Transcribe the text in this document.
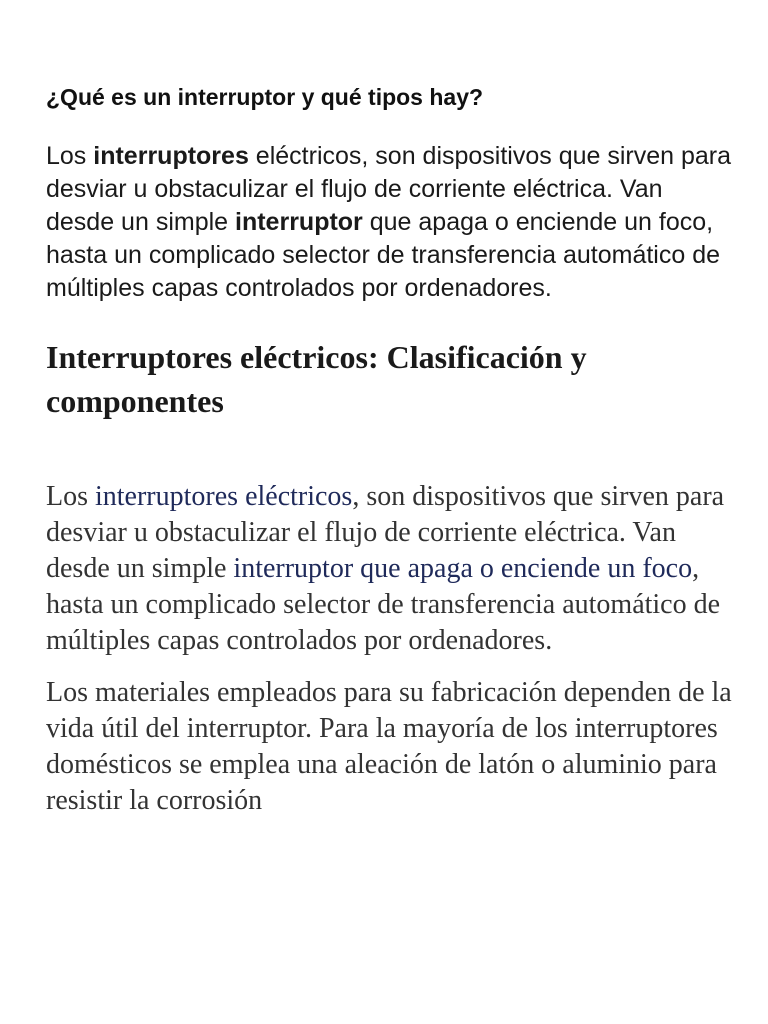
¿Qué es un interruptor y qué tipos hay?

Los interruptores eléctricos, son dispositivos que sirven para desviar u obstaculizar el flujo de corriente eléctrica. Van desde un simple interruptor que apaga o enciende un foco, hasta un complicado selector de transferencia automático de múltiples capas controlados por ordenadores.

Interruptores eléctricos: Clasificación y componentes

Los interruptores eléctricos, son dispositivos que sirven para desviar u obstaculizar el flujo de corriente eléctrica. Van desde un simple interruptor que apaga o enciende un foco, hasta un complicado selector de transferencia automático de múltiples capas controlados por ordenadores.

Los materiales empleados para su fabricación dependen de la vida útil del interruptor. Para la mayoría de los interruptores domésticos se emplea una aleación de latón o aluminio para resistir la corrosión
